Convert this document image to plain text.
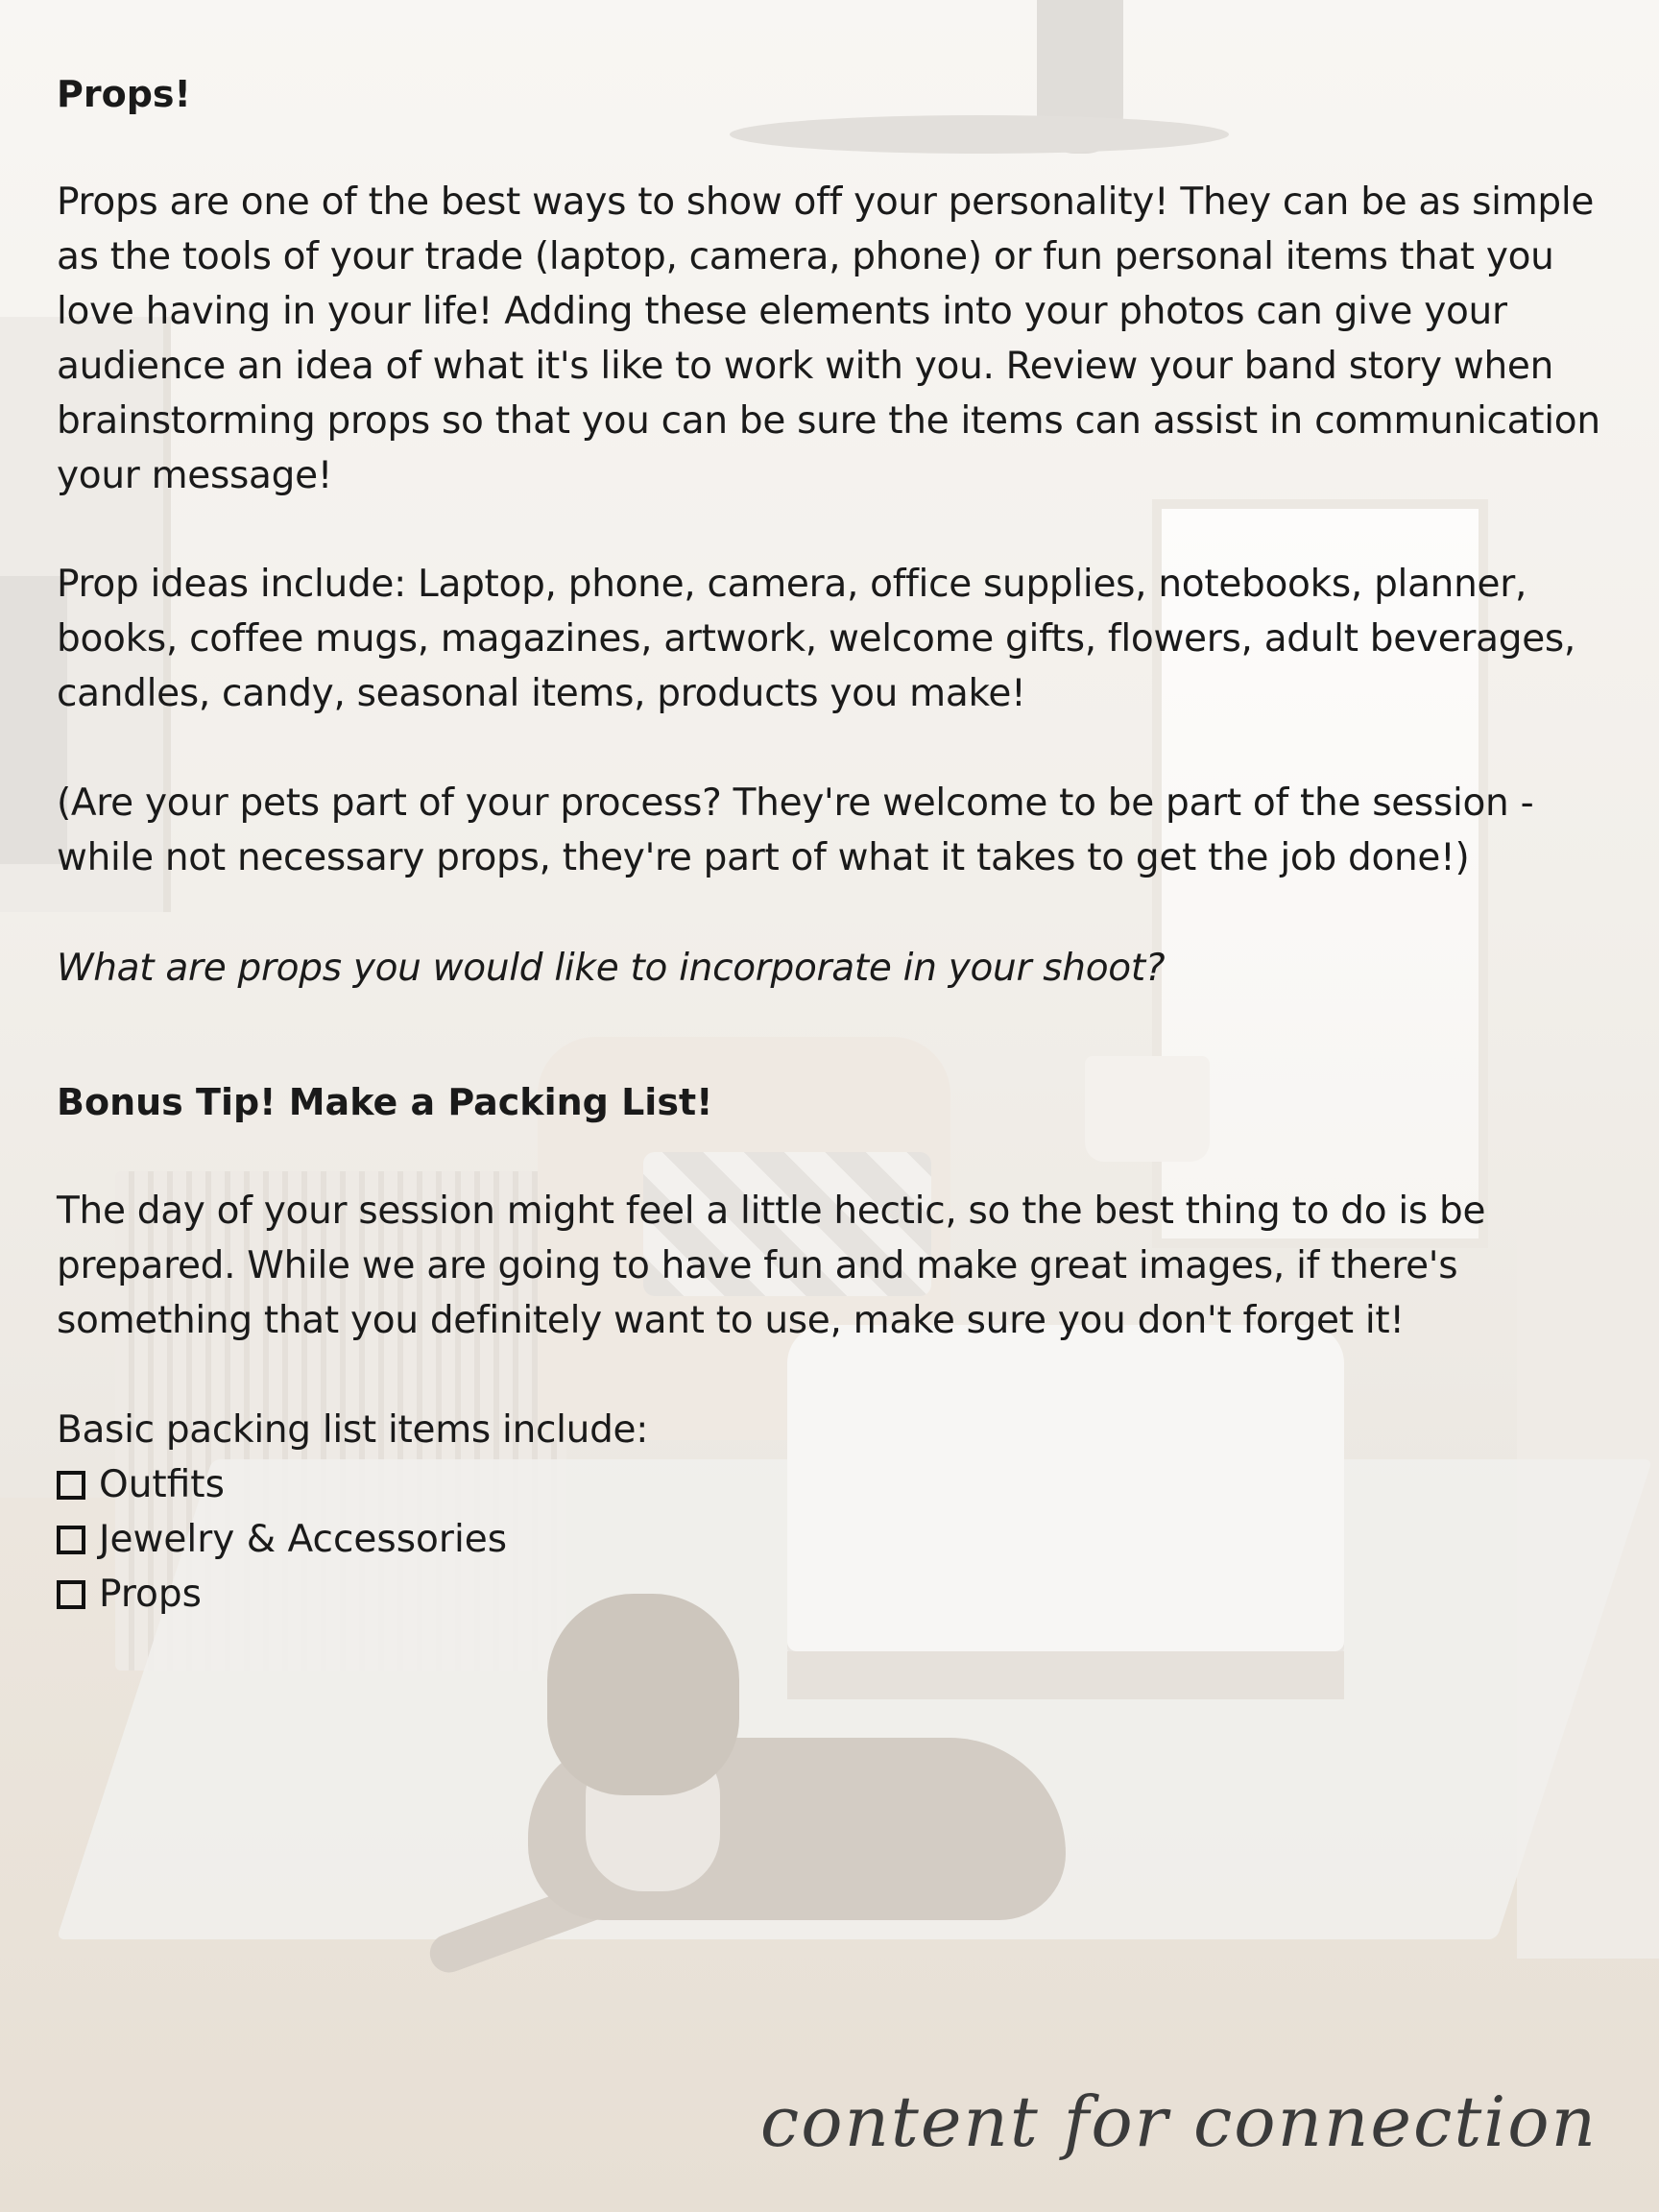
Props!

Props are one of the best ways to show off your personality! They can be as simple
as the tools of your trade (laptop, camera, phone) or fun personal items that you
love having in your life! Adding these elements into your photos can give your
audience an idea of what it's like to work with you. Review your band story when
brainstorming props so that you can be sure the items can assist in communication
your message!

Prop ideas include: Laptop, phone, camera, office supplies, notebooks, planner,
books, coffee mugs, magazines, artwork, welcome gifts, flowers, adult beverages,
candles, candy, seasonal items, products you make!

(Are your pets part of your process? They're welcome to be part of the session -
while not necessary props, they're part of what it takes to get the job done!)

What are props you would like to incorporate in your shoot?

Bonus Tip! Make a Packing List!

The day of your session might feel a little hectic, so the best thing to do is be
prepared. While we are going to have fun and make great images, if there's
something that you definitely want to use, make sure you don't forget it!

Basic packing list items include:

Outfits
Jewelry & Accessories
Props
content for connection
